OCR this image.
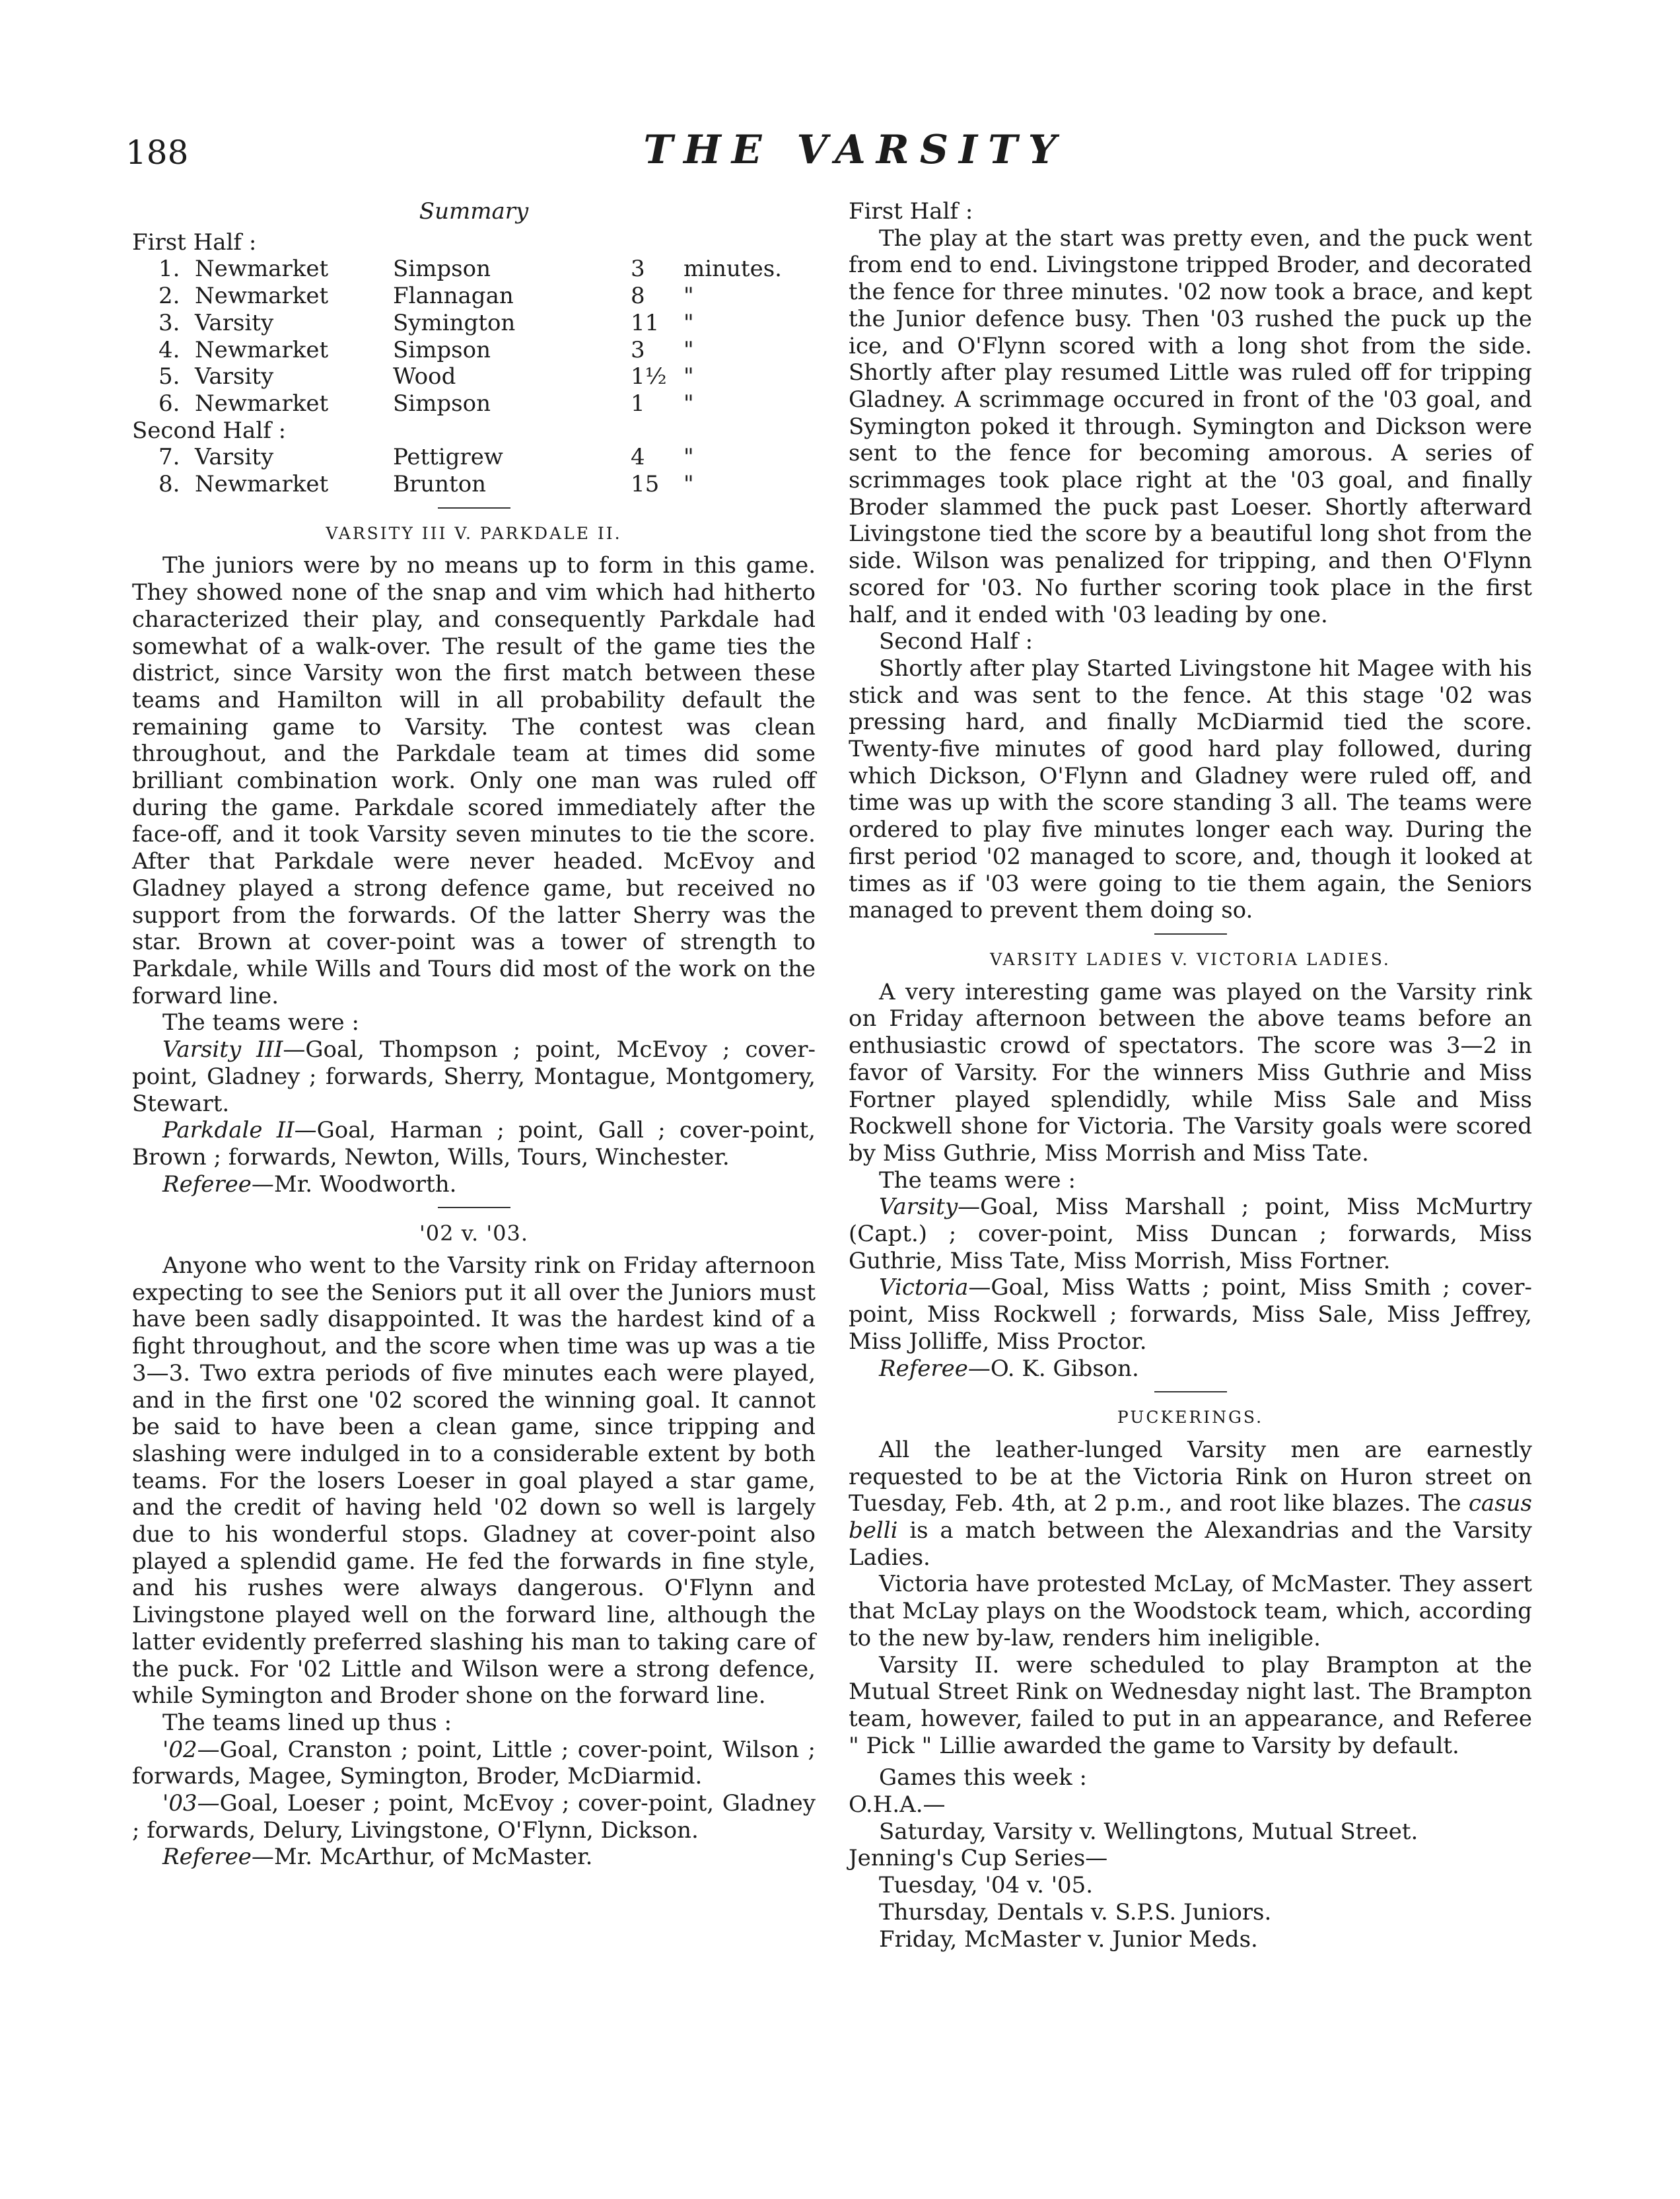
188	THE VARSITY
Summary
First Half :
1.	Newmarket	Simpson	3	minutes.
2.	Newmarket	Flannagan	8	"
3.	Varsity	Symington	11	"
4.	Newmarket	Simpson	3	"
5.	Varsity	Wood	1½	"
6.	Newmarket	Simpson	1	"
Second Half :
7.	Varsity	Pettigrew	4	"
8.	Newmarket	Brunton	15	"
VARSITY III V. PARKDALE II.

The juniors were by no means up to form in this game. They showed none of the snap and vim which had hitherto characterized their play, and consequently Parkdale had somewhat of a walk-over. The result of the game ties the district, since Varsity won the first match between these teams and Hamilton will in all probability default the remaining game to Varsity. The contest was clean throughout, and the Parkdale team at times did some brilliant combination work. Only one man was ruled off during the game. Parkdale scored immediately after the face-off, and it took Varsity seven minutes to tie the score. After that Parkdale were never headed. McEvoy and Gladney played a strong defence game, but received no support from the forwards. Of the latter Sherry was the star. Brown at cover-point was a tower of strength to Parkdale, while Wills and Tours did most of the work on the forward line.

The teams were :

Varsity III—Goal, Thompson ; point, McEvoy ; cover-point, Gladney ; forwards, Sherry, Montague, Montgomery, Stewart.

Parkdale II—Goal, Harman ; point, Gall ; cover-point, Brown ; forwards, Newton, Wills, Tours, Winchester.

Referee—Mr. Woodworth.

'02 v. '03.

Anyone who went to the Varsity rink on Friday afternoon expecting to see the Seniors put it all over the Juniors must have been sadly disappointed. It was the hardest kind of a fight throughout, and the score when time was up was a tie 3—3. Two extra periods of five minutes each were played, and in the first one '02 scored the winning goal. It cannot be said to have been a clean game, since tripping and slashing were indulged in to a considerable extent by both teams. For the losers Loeser in goal played a star game, and the credit of having held '02 down so well is largely due to his wonderful stops. Gladney at cover-point also played a splendid game. He fed the forwards in fine style, and his rushes were always dangerous. O'Flynn and Livingstone played well on the forward line, although the latter evidently preferred slashing his man to taking care of the puck. For '02 Little and Wilson were a strong defence, while Symington and Broder shone on the forward line.

The teams lined up thus :

'02—Goal, Cranston ; point, Little ; cover-point, Wilson ; forwards, Magee, Symington, Broder, McDiarmid.

'03—Goal, Loeser ; point, McEvoy ; cover-point, Gladney ; forwards, Delury, Livingstone, O'Flynn, Dickson.

Referee—Mr. McArthur, of McMaster.

First Half :

The play at the start was pretty even, and the puck went from end to end. Livingstone tripped Broder, and decorated the fence for three minutes. '02 now took a brace, and kept the Junior defence busy. Then '03 rushed the puck up the ice, and O'Flynn scored with a long shot from the side. Shortly after play resumed Little was ruled off for tripping Gladney. A scrimmage occured in front of the '03 goal, and Symington poked it through. Symington and Dickson were sent to the fence for becoming amorous. A series of scrimmages took place right at the '03 goal, and finally Broder slammed the puck past Loeser. Shortly afterward Livingstone tied the score by a beautiful long shot from the side. Wilson was penalized for tripping, and then O'Flynn scored for '03. No further scoring took place in the first half, and it ended with '03 leading by one.

Second Half :

Shortly after play Started Livingstone hit Magee with his stick and was sent to the fence. At this stage '02 was pressing hard, and finally McDiarmid tied the score. Twenty-five minutes of good hard play followed, during which Dickson, O'Flynn and Gladney were ruled off, and time was up with the score standing 3 all. The teams were ordered to play five minutes longer each way. During the first period '02 managed to score, and, though it looked at times as if '03 were going to tie them again, the Seniors managed to prevent them doing so.

VARSITY LADIES V. VICTORIA LADIES.

A very interesting game was played on the Varsity rink on Friday afternoon between the above teams before an enthusiastic crowd of spectators. The score was 3—2 in favor of Varsity. For the winners Miss Guthrie and Miss Fortner played splendidly, while Miss Sale and Miss Rockwell shone for Victoria. The Varsity goals were scored by Miss Guthrie, Miss Morrish and Miss Tate.

The teams were :

Varsity—Goal, Miss Marshall ; point, Miss McMurtry (Capt.) ; cover-point, Miss Duncan ; forwards, Miss Guthrie, Miss Tate, Miss Morrish, Miss Fortner.

Victoria—Goal, Miss Watts ; point, Miss Smith ; cover-point, Miss Rockwell ; forwards, Miss Sale, Miss Jeffrey, Miss Jolliffe, Miss Proctor.

Referee—O. K. Gibson.

PUCKERINGS.

All the leather-lunged Varsity men are earnestly requested to be at the Victoria Rink on Huron street on Tuesday, Feb. 4th, at 2 p.m., and root like blazes. The casus belli is a match between the Alexandrias and the Varsity Ladies.

Victoria have protested McLay, of McMaster. They assert that McLay plays on the Woodstock team, which, according to the new by-law, renders him ineligible.

Varsity II. were scheduled to play Brampton at the Mutual Street Rink on Wednesday night last. The Brampton team, however, failed to put in an appearance, and Referee " Pick " Lillie awarded the game to Varsity by default.

Games this week :

O.H.A.—

Saturday, Varsity v. Wellingtons, Mutual Street.

Jenning's Cup Series—

Tuesday, '04 v. '05.

Thursday, Dentals v. S.P.S. Juniors.

Friday, McMaster v. Junior Meds.
